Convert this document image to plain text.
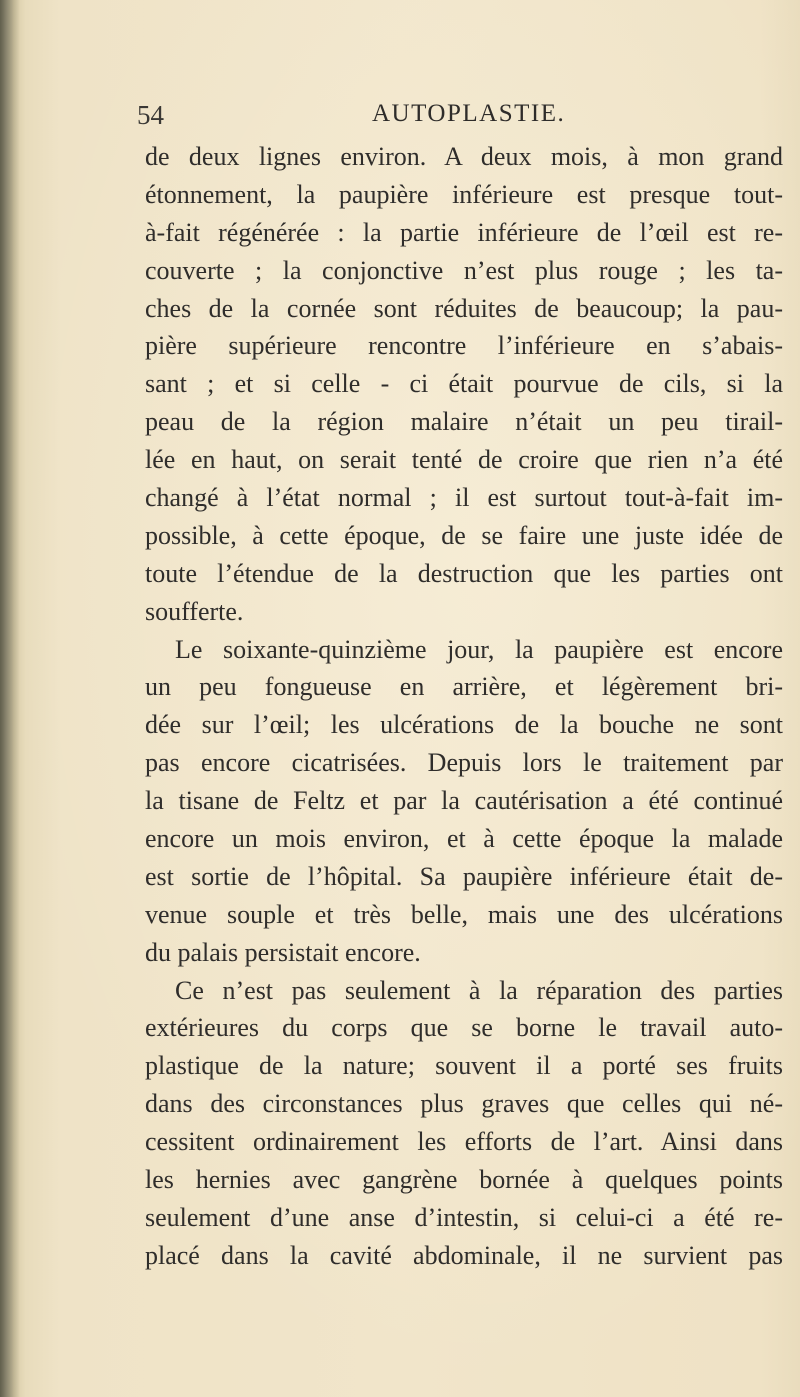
54	AUTOPLASTIE.
de deux lignes environ. A deux mois, à mon grand
étonnement, la paupière inférieure est presque tout-
à-fait régénérée : la partie inférieure de l’œil est re-
couverte ; la conjonctive n’est plus rouge ; les ta-
ches de la cornée sont réduites de beaucoup; la pau-
pière supérieure rencontre l’inférieure en s’abais-
sant ; et si celle - ci était pourvue de cils, si la
peau de la région malaire n’était un peu tirail-
lée en haut, on serait tenté de croire que rien n’a été
changé à l’état normal ; il est surtout tout-à-fait im-
possible, à cette époque, de se faire une juste idée de
toute l’étendue de la destruction que les parties ont
soufferte.
Le soixante-quinzième jour, la paupière est encore
un peu fongueuse en arrière, et légèrement bri-
dée sur l’œil; les ulcérations de la bouche ne sont
pas encore cicatrisées. Depuis lors le traitement par
la tisane de Feltz et par la cautérisation a été continué
encore un mois environ, et à cette époque la malade
est sortie de l’hôpital. Sa paupière inférieure était de-
venue souple et très belle, mais une des ulcérations
du palais persistait encore.
Ce n’est pas seulement à la réparation des parties
extérieures du corps que se borne le travail auto-
plastique de la nature; souvent il a porté ses fruits
dans des circonstances plus graves que celles qui né-
cessitent ordinairement les efforts de l’art. Ainsi dans
les hernies avec gangrène bornée à quelques points
seulement d’une anse d’intestin, si celui-ci a été re-
placé dans la cavité abdominale, il ne survient pas
